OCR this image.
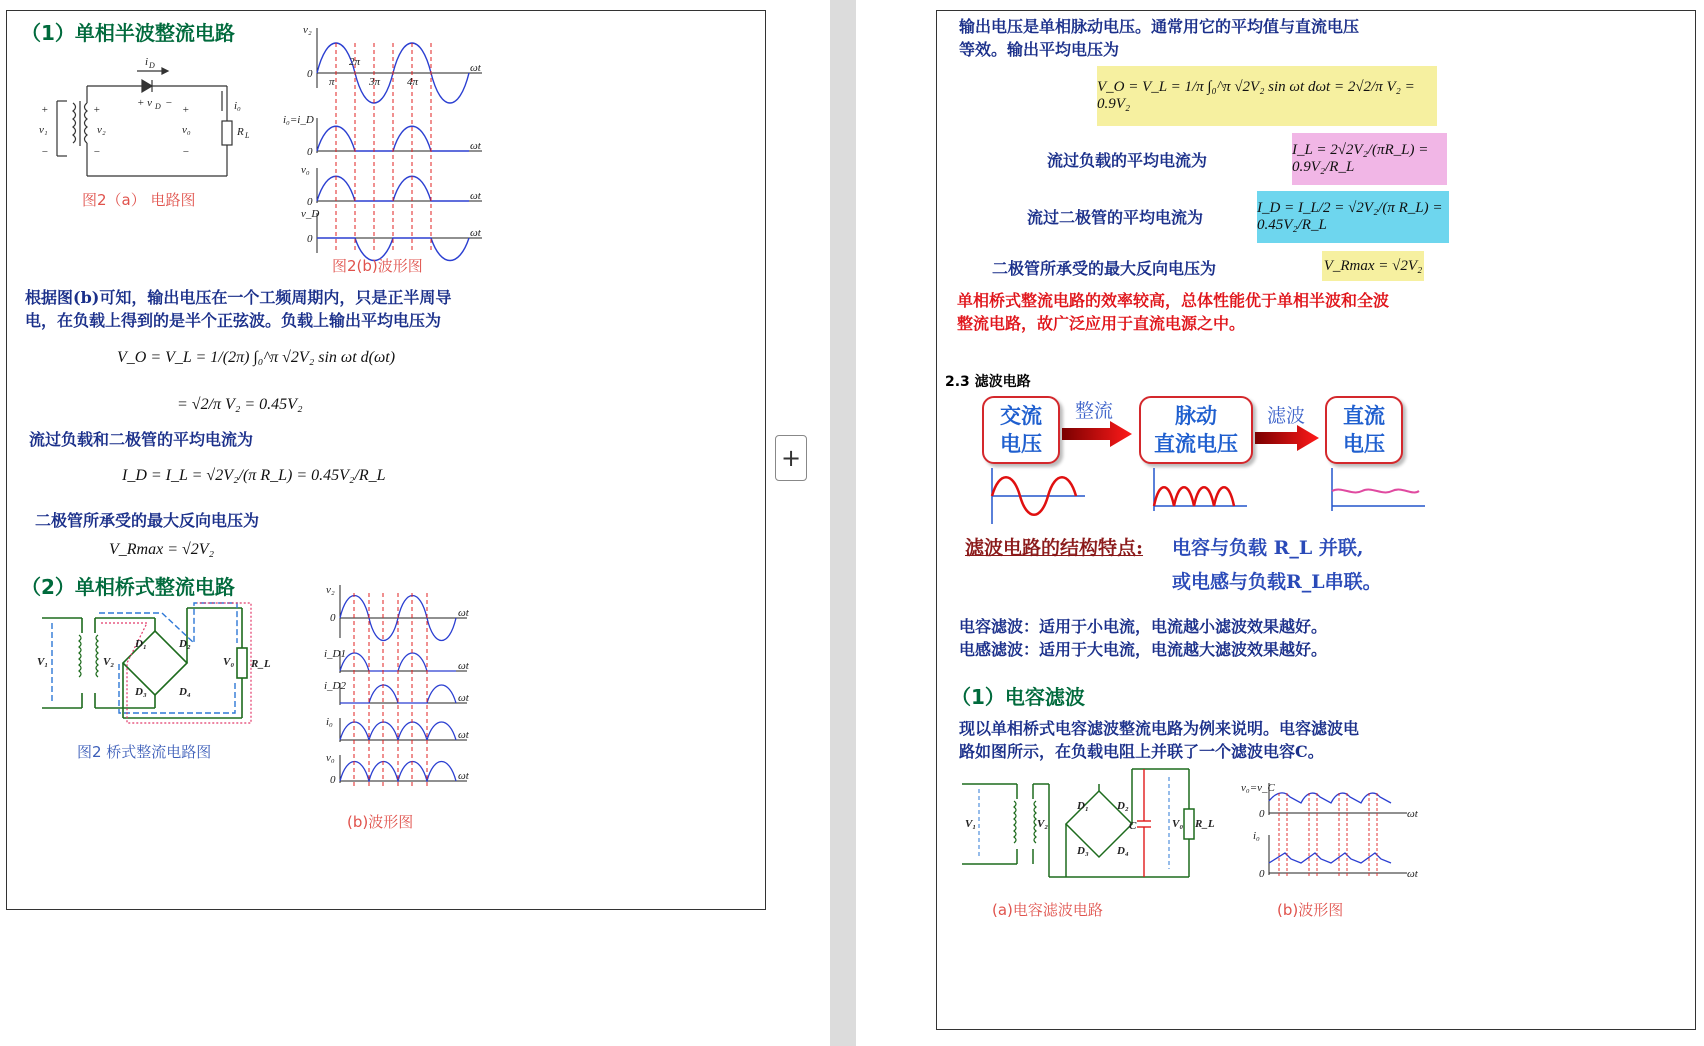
（1）单相半波整流电路
i D
+ v D −
+
v₁
−
+
v₂
−
+
v₀
−
i₀
R L
图2（a） 电路图
v₂
0
π
2π
3π 4π
ωt
ωt
ωt
ωt
i₀=i_D
0
v₀
0
v_D
0
图2(b)波形图
根据图(b)可知，输出电压在一个工频周期内，只是正半周导
电，在负载上得到的是半个正弦波。负载上输出平均电压为
V_O = V_L = 1/(2π) ∫₀^π √2V₂ sin ωt d(ωt)
= √2/π V₂ = 0.45V₂
流过负载和二极管的平均电流为
I_D = I_L = √2V₂/(π R_L) = 0.45V₂/R_L
二极管所承受的最大反向电压为
V_Rmax = √2V₂
（2）单相桥式整流电路
V₁	V₂
D₁	D₂
D₃	D₄
V₀ R_L
图2 桥式整流电路图
v₂
0	ωt
i_D1
ωt
i_D2
ωt
i₀
ωt
v₀
0	ωt
(b)波形图
+
输出电压是单相脉动电压。通常用它的平均值与直流电压
等效。输出平均电压为
V_O = V_L = 1/π ∫₀^π √2V₂ sin ωt dωt = 2√2/π V₂ = 0.9V₂
流过负载的平均电流为
I_L = 2√2V₂/(πR_L) = 0.9V₂/R_L
流过二极管的平均电流为	I_D = I_L/2 = √2V₂/(π R_L) = 0.45V₂/R_L
二极管所承受的最大反向电压为	V_Rmax = √2V₂
单相桥式整流电路的效率较高，总体性能优于单相半波和全波
整流电路，故广泛应用于直流电源之中。
2.3 滤波电路
交流
电压
整流	脉动
直流电压
滤波 直流
电压
滤波电路的结构特点: 电容与负载 R_L 并联,
或电感与负载R_L串联。
电容滤波：适用于小电流，电流越小滤波效果越好。
电感滤波：适用于大电流，电流越大滤波效果越好。
（1）电容滤波
现以单相桥式电容滤波整流电路为例来说明。电容滤波电
路如图所示，在负载电阻上并联了一个滤波电容C。
V₁	V₂
D₁	D₂
D₃	D₄
C	V₀ R_L
v₀=v_C
0	ωt
i₀
0	ωt
(a)电容滤波电路	(b)波形图
